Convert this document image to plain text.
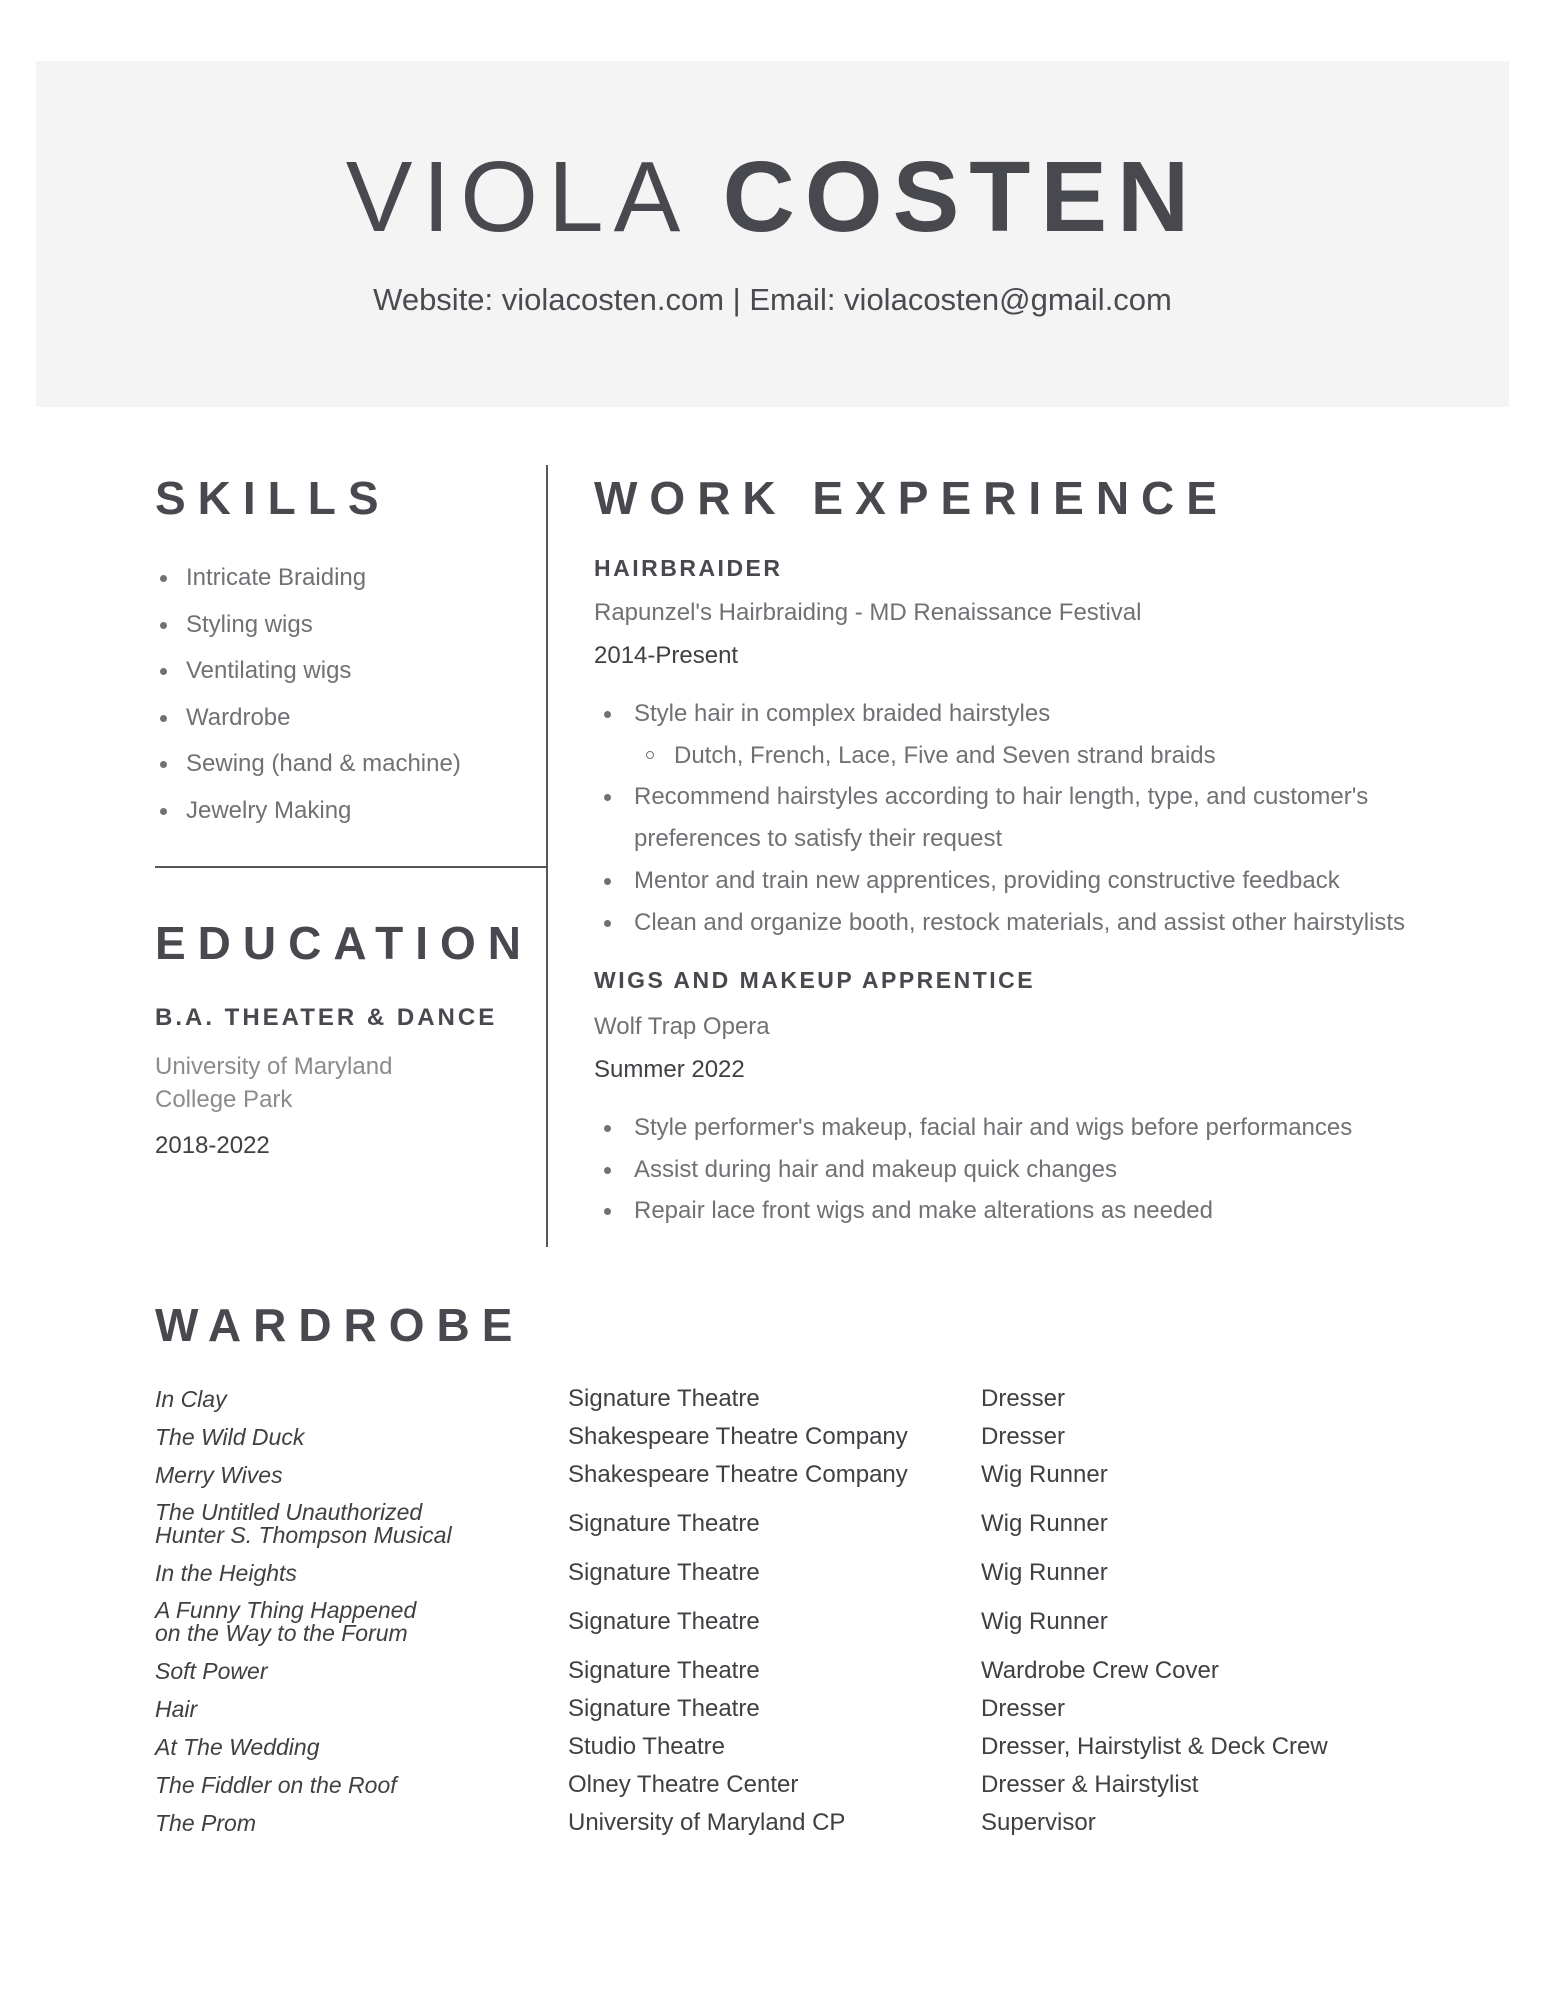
VIOLA COSTEN
Website: violacosten.com | Email: violacosten@gmail.com
SKILLS
Intricate Braiding
Styling wigs
Ventilating wigs
Wardrobe
Sewing (hand & machine)
Jewelry Making
EDUCATION
B.A. THEATER & DANCE
University of Maryland
College Park
2018-2022
WORK EXPERIENCE
HAIRBRAIDER
Rapunzel's Hairbraiding - MD Renaissance Festival
2014-Present
Style hair in complex braided hairstyles
Dutch, French, Lace, Five and Seven strand braids
Recommend hairstyles according to hair length, type, and customer's
preferences to satisfy their request
Mentor and train new apprentices, providing constructive feedback
Clean and organize booth, restock materials, and assist other hairstylists
WIGS AND MAKEUP APPRENTICE
Wolf Trap Opera
Summer 2022
Style performer's makeup, facial hair and wigs before performances
Assist during hair and makeup quick changes
Repair lace front wigs and make alterations as needed
WARDROBE
In Clay	Signature Theatre	Dresser
The Wild Duck	Shakespeare Theatre Company	Dresser
Merry Wives	Shakespeare Theatre Company	Wig Runner
The Untitled Unauthorized
Hunter S. Thompson Musical	Signature Theatre	Wig Runner
In the Heights	Signature Theatre	Wig Runner
A Funny Thing Happened
on the Way to the Forum	Signature Theatre	Wig Runner
Soft Power	Signature Theatre	Wardrobe Crew Cover
Hair	Signature Theatre	Dresser
At The Wedding	Studio Theatre	Dresser, Hairstylist & Deck Crew
The Fiddler on the Roof	Olney Theatre Center	Dresser & Hairstylist
The Prom	University of Maryland CP	Supervisor
